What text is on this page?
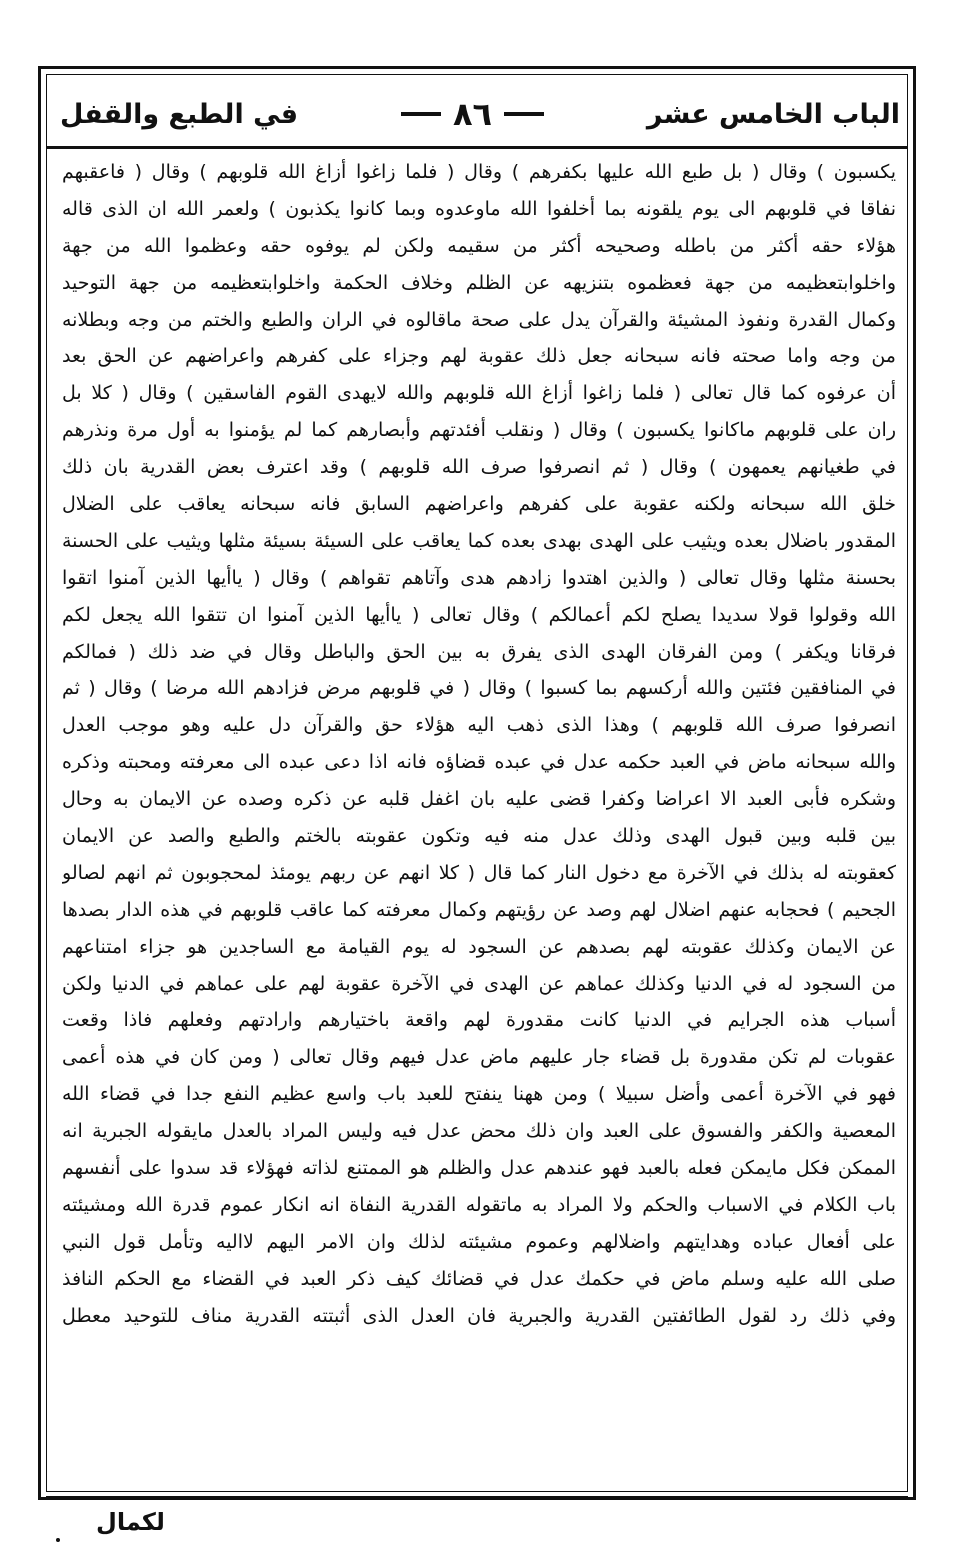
الباب الخامس عشر
٨٦
في الطبع والقفل
يكسبون ) وقال ( بل طبع الله عليها بكفرهم ) وقال ( فلما زاغوا أزاغ الله قلوبهم ) وقال ( فاعقبهم
نفاقا في قلوبهم الى يوم يلقونه بما أخلفوا الله ماوعدوه وبما كانوا يكذبون ) ولعمر الله ان الذى قاله
هؤلاء حقه أكثر من باطله وصحيحه أكثر من سقيمه ولكن لم يوفوه حقه وعظموا الله من جهة
واخلوابتعظيمه من جهة فعظموه بتنزيهه عن الظلم وخلاف الحكمة واخلوابتعظيمه من جهة التوحيد
وكمال القدرة ونفوذ المشيئة والقرآن يدل على صحة ماقالوه في الران والطبع والختم من وجه وبطلانه
من وجه واما صحته فانه سبحانه جعل ذلك عقوبة لهم وجزاء على كفرهم واعراضهم عن الحق بعد
أن عرفوه كما قال تعالى ( فلما زاغوا أزاغ الله قلوبهم والله لايهدى القوم الفاسقين ) وقال ( كلا بل
ران على قلوبهم ماكانوا يكسبون ) وقال ( ونقلب أفئدتهم وأبصارهم كما لم يؤمنوا به أول مرة ونذرهم
في طغيانهم يعمهون ) وقال ( ثم انصرفوا صرف الله قلوبهم ) وقد اعترف بعض القدرية بان ذلك
خلق الله سبحانه ولكنه عقوبة على كفرهم واعراضهم السابق فانه سبحانه يعاقب على الضلال
المقدور باضلال بعده ويثيب على الهدى بهدى بعده كما يعاقب على السيئة بسيئة مثلها ويثيب على الحسنة
بحسنة مثلها وقال تعالى ( والذين اهتدوا زادهم هدى وآتاهم تقواهم ) وقال ( ياأيها الذين آمنوا اتقوا
الله وقولوا قولا سديدا يصلح لكم أعمالكم ) وقال تعالى ( ياأيها الذين آمنوا ان تتقوا الله يجعل لكم
فرقانا ويكفر ) ومن الفرقان الهدى الذى يفرق به بين الحق والباطل وقال في ضد ذلك ( فمالكم
في المنافقين فئتين والله أركسهم بما كسبوا ) وقال ( في قلوبهم مرض فزادهم الله مرضا ) وقال ( ثم
انصرفوا صرف الله قلوبهم ) وهذا الذى ذهب اليه هؤلاء حق والقرآن دل عليه وهو موجب العدل
والله سبحانه ماض في العبد حكمه عدل في عبده قضاؤه فانه اذا دعى عبده الى معرفته ومحبته وذكره
وشكره فأبى العبد الا اعراضا وكفرا قضى عليه بان اغفل قلبه عن ذكره وصده عن الايمان به وحال
بين قلبه وبين قبول الهدى وذلك عدل منه فيه وتكون عقوبته بالختم والطبع والصد عن الايمان
كعقوبته له بذلك في الآخرة مع دخول النار كما قال ( كلا انهم عن ربهم يومئذ لمحجوبون ثم انهم لصالو
الجحيم ) فحجابه عنهم اضلال لهم وصد عن رؤيتهم وكمال معرفته كما عاقب قلوبهم في هذه الدار بصدها
عن الايمان وكذلك عقوبته لهم بصدهم عن السجود له يوم القيامة مع الساجدين هو جزاء امتناعهم
من السجود له في الدنيا وكذلك عماهم عن الهدى في الآخرة عقوبة لهم على عماهم في الدنيا ولكن
أسباب هذه الجرايم في الدنيا كانت مقدورة لهم واقعة باختيارهم وارادتهم وفعلهم فاذا وقعت
عقوبات لم تكن مقدورة بل قضاء جار عليهم ماض عدل فيهم وقال تعالى ( ومن كان في هذه أعمى
فهو في الآخرة أعمى وأضل سبيلا ) ومن ههنا ينفتح للعبد باب واسع عظيم النفع جدا في قضاء الله
المعصية والكفر والفسوق على العبد وان ذلك محض عدل فيه وليس المراد بالعدل مايقوله الجبرية انه
الممكن فكل مايمكن فعله بالعبد فهو عندهم عدل والظلم هو الممتنع لذاته فهؤلاء قد سدوا على أنفسهم
باب الكلام في الاسباب والحكم ولا المراد به ماتقوله القدرية النفاة انه انكار عموم قدرة الله ومشيئته
على أفعال عباده وهدايتهم واضلالهم وعموم مشيئته لذلك وان الامر اليهم لااليه وتأمل قول النبي
صلى الله عليه وسلم ماض في حكمك عدل في قضائك كيف ذكر العبد في القضاء مع الحكم النافذ
وفي ذلك رد لقول الطائفتين القدرية والجبرية فان العدل الذى أثبتته القدرية مناف للتوحيد معطل
لكمال
